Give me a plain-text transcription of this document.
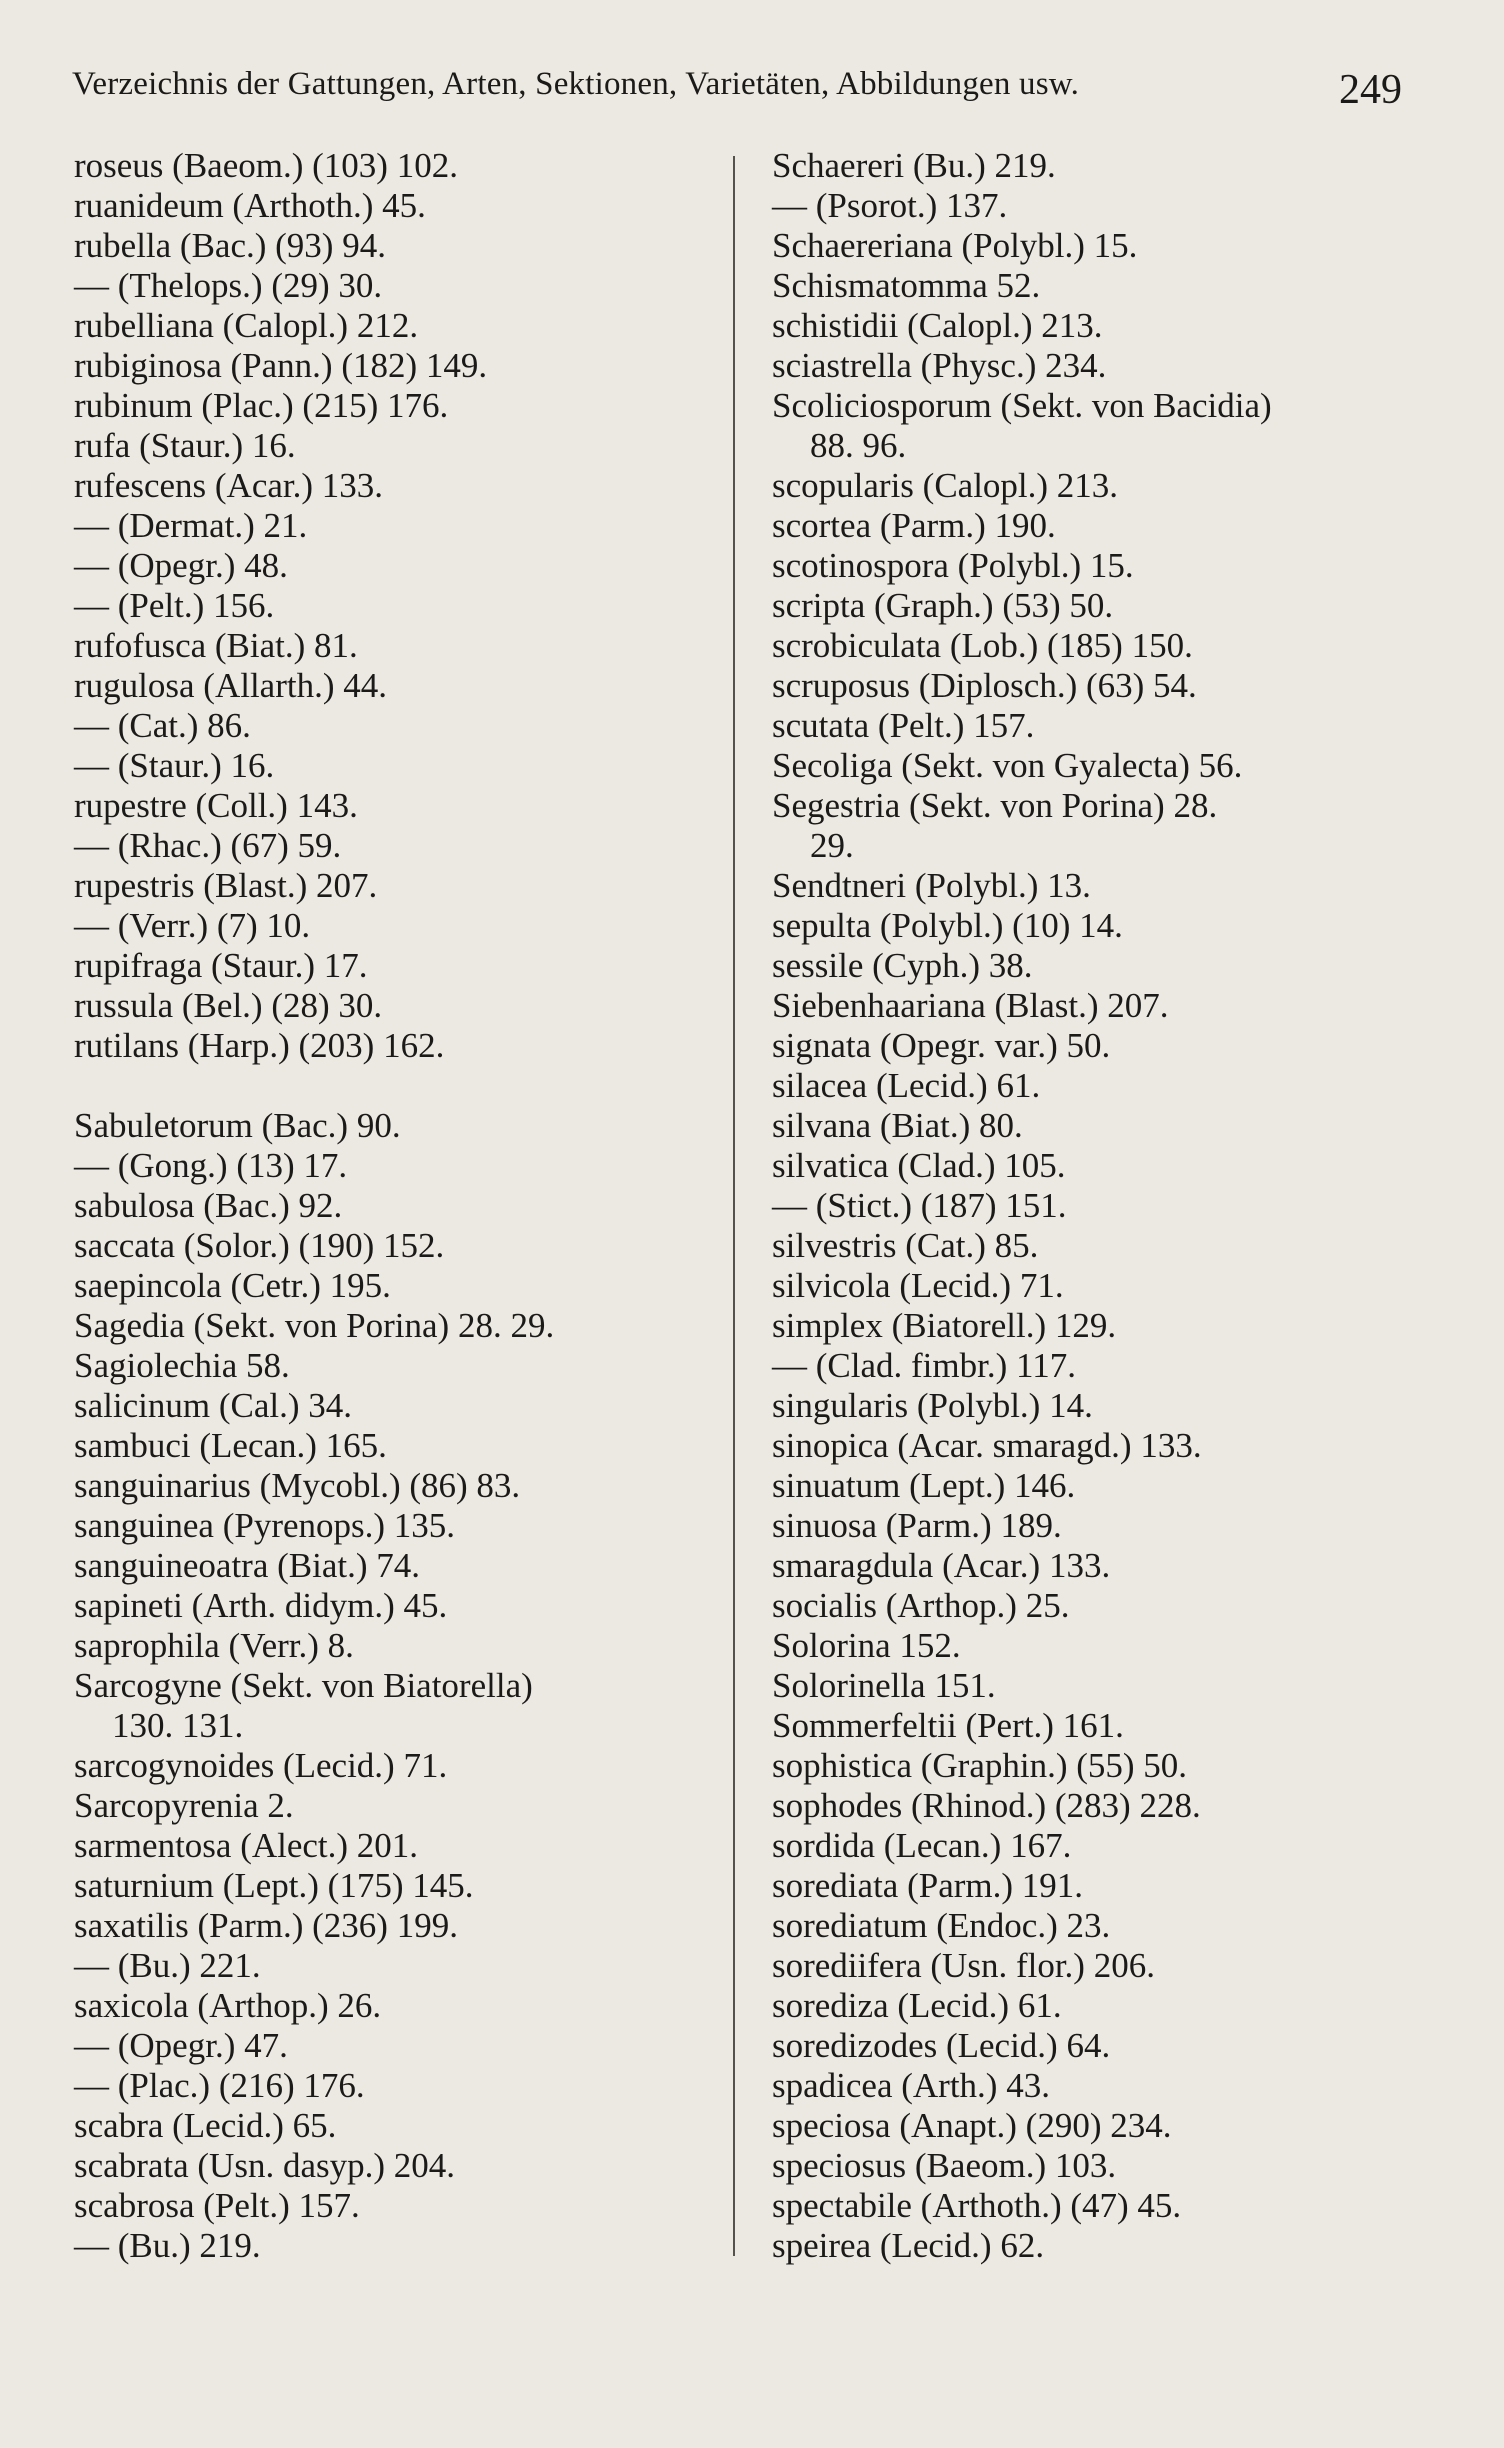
Verzeichnis der Gattungen, Arten, Sektionen, Varietäten, Abbildungen usw.	249
roseus (Baeom.) (103) 102.
ruanideum (Arthoth.) 45.
rubella (Bac.) (93) 94.
— (Thelops.) (29) 30.
rubelliana (Calopl.) 212.
rubiginosa (Pann.) (182) 149.
rubinum (Plac.) (215) 176.
rufa (Staur.) 16.
rufescens (Acar.) 133.
— (Dermat.) 21.
— (Opegr.) 48.
— (Pelt.) 156.
rufofusca (Biat.) 81.
rugulosa (Allarth.) 44.
— (Cat.) 86.
— (Staur.) 16.
rupestre (Coll.) 143.
— (Rhac.) (67) 59.
rupestris (Blast.) 207.
— (Verr.) (7) 10.
rupifraga (Staur.) 17.
russula (Bel.) (28) 30.
rutilans (Harp.) (203) 162.
Sabuletorum (Bac.) 90.
— (Gong.) (13) 17.
sabulosa (Bac.) 92.
saccata (Solor.) (190) 152.
saepincola (Cetr.) 195.
Sagedia (Sekt. von Porina) 28. 29.
Sagiolechia 58.
salicinum (Cal.) 34.
sambuci (Lecan.) 165.
sanguinarius (Mycobl.) (86) 83.
sanguinea (Pyrenops.) 135.
sanguineoatra (Biat.) 74.
sapineti (Arth. didym.) 45.
saprophila (Verr.) 8.
Sarcogyne (Sekt. von Biatorella)
130. 131.
sarcogynoides (Lecid.) 71.
Sarcopyrenia 2.
sarmentosa (Alect.) 201.
saturnium (Lept.) (175) 145.
saxatilis (Parm.) (236) 199.
— (Bu.) 221.
saxicola (Arthop.) 26.
— (Opegr.) 47.
— (Plac.) (216) 176.
scabra (Lecid.) 65.
scabrata (Usn. dasyp.) 204.
scabrosa (Pelt.) 157.
— (Bu.) 219.
Schaereri (Bu.) 219.
— (Psorot.) 137.
Schaereriana (Polybl.) 15.
Schismatomma 52.
schistidii (Calopl.) 213.
sciastrella (Physc.) 234.
Scoliciosporum (Sekt. von Bacidia)
88. 96.
scopularis (Calopl.) 213.
scortea (Parm.) 190.
scotinospora (Polybl.) 15.
scripta (Graph.) (53) 50.
scrobiculata (Lob.) (185) 150.
scruposus (Diplosch.) (63) 54.
scutata (Pelt.) 157.
Secoliga (Sekt. von Gyalecta) 56.
Segestria (Sekt. von Porina) 28.
29.
Sendtneri (Polybl.) 13.
sepulta (Polybl.) (10) 14.
sessile (Cyph.) 38.
Siebenhaariana (Blast.) 207.
signata (Opegr. var.) 50.
silacea (Lecid.) 61.
silvana (Biat.) 80.
silvatica (Clad.) 105.
— (Stict.) (187) 151.
silvestris (Cat.) 85.
silvicola (Lecid.) 71.
simplex (Biatorell.) 129.
— (Clad. fimbr.) 117.
singularis (Polybl.) 14.
sinopica (Acar. smaragd.) 133.
sinuatum (Lept.) 146.
sinuosa (Parm.) 189.
smaragdula (Acar.) 133.
socialis (Arthop.) 25.
Solorina 152.
Solorinella 151.
Sommerfeltii (Pert.) 161.
sophistica (Graphin.) (55) 50.
sophodes (Rhinod.) (283) 228.
sordida (Lecan.) 167.
sorediata (Parm.) 191.
sorediatum (Endoc.) 23.
sorediifera (Usn. flor.) 206.
sorediza (Lecid.) 61.
soredizodes (Lecid.) 64.
spadicea (Arth.) 43.
speciosa (Anapt.) (290) 234.
speciosus (Baeom.) 103.
spectabile (Arthoth.) (47) 45.
speirea (Lecid.) 62.
